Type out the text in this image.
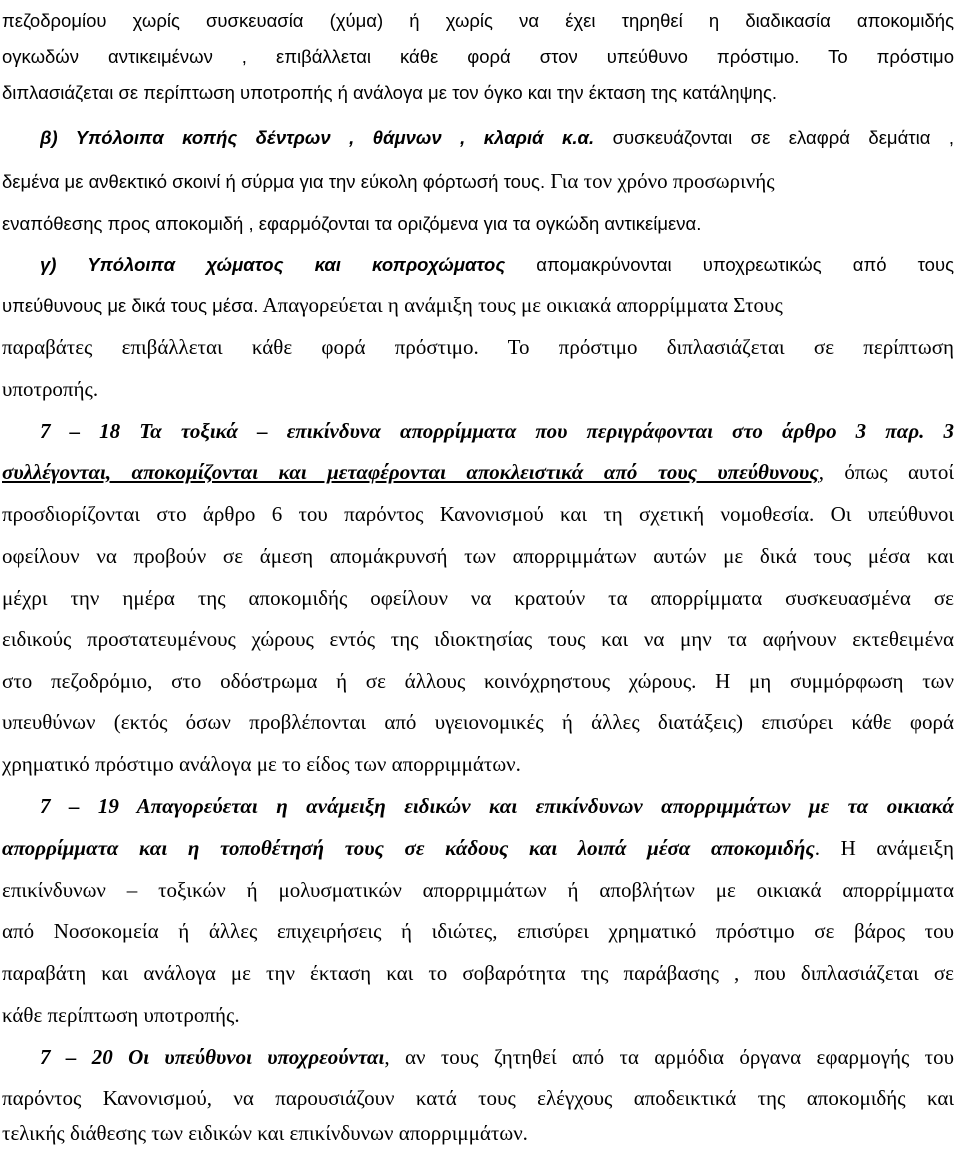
πεζοδρομίου χωρίς συσκευασία (χύμα) ή χωρίς να έχει τηρηθεί η διαδικασία αποκομιδής
ογκωδών αντικειμένων , επιβάλλεται κάθε φορά στον υπεύθυνο πρόστιμο. Το πρόστιμο
διπλασιάζεται σε περίπτωση υποτροπής ή ανάλογα με τον όγκο και την έκταση της κατάληψης.
β) Υπόλοιπα κοπής δέντρων , θάμνων , κλαριά κ.α. συσκευάζονται σε ελαφρά δεμάτια ,
δεμένα με ανθεκτικό σκοινί ή σύρμα για την εύκολη φόρτωσή τους. Για τον χρόνο προσωρινής
εναπόθεσης προς αποκομιδή , εφαρμόζονται τα οριζόμενα για τα ογκώδη αντικείμενα.
γ) Υπόλοιπα χώματος και κοπροχώματος απομακρύνονται υποχρεωτικώς από τους
υπεύθυνους με δικά τους μέσα. Απαγορεύεται η ανάμιξη τους με οικιακά απορρίμματα Στους
παραβάτες επιβάλλεται κάθε φορά πρόστιμο. Το πρόστιμο διπλασιάζεται σε περίπτωση
υποτροπής.
7 – 18 Τα τοξικά – επικίνδυνα απορρίμματα που περιγράφονται στο άρθρο 3 παρ. 3
συλλέγονται, αποκομίζονται και μεταφέρονται αποκλειστικά από τους υπεύθυνους, όπως αυτοί
προσδιορίζονται στο άρθρο 6 του παρόντος Κανονισμού και τη σχετική νομοθεσία. Οι υπεύθυνοι
οφείλουν να προβούν σε άμεση απομάκρυνσή των απορριμμάτων αυτών με δικά τους μέσα και
μέχρι την ημέρα της αποκομιδής οφείλουν να κρατούν τα απορρίμματα συσκευασμένα σε
ειδικούς προστατευμένους χώρους εντός της ιδιοκτησίας τους και να μην τα αφήνουν εκτεθειμένα
στο πεζοδρόμιο, στο οδόστρωμα ή σε άλλους κοινόχρηστους χώρους. Η μη συμμόρφωση των
υπευθύνων (εκτός όσων προβλέπονται από υγειονομικές ή άλλες διατάξεις) επισύρει κάθε φορά
χρηματικό πρόστιμο ανάλογα με το είδος των απορριμμάτων.
7 – 19 Απαγορεύεται η ανάμειξη ειδικών και επικίνδυνων απορριμμάτων με τα οικιακά
απορρίμματα και η τοποθέτησή τους σε κάδους και λοιπά μέσα αποκομιδής. Η ανάμειξη
επικίνδυνων – τοξικών ή μολυσματικών απορριμμάτων ή αποβλήτων με οικιακά απορρίμματα
από Νοσοκομεία ή άλλες επιχειρήσεις ή ιδιώτες, επισύρει χρηματικό πρόστιμο σε βάρος του
παραβάτη και ανάλογα με την έκταση και το σοβαρότητα της παράβασης , που διπλασιάζεται σε
κάθε περίπτωση υποτροπής.
7 – 20 Οι υπεύθυνοι υποχρεούνται, αν τους ζητηθεί από τα αρμόδια όργανα εφαρμογής του
παρόντος Κανονισμού, να παρουσιάζουν κατά τους ελέγχους αποδεικτικά της αποκομιδής και
τελικής διάθεσης των ειδικών και επικίνδυνων απορριμμάτων.
